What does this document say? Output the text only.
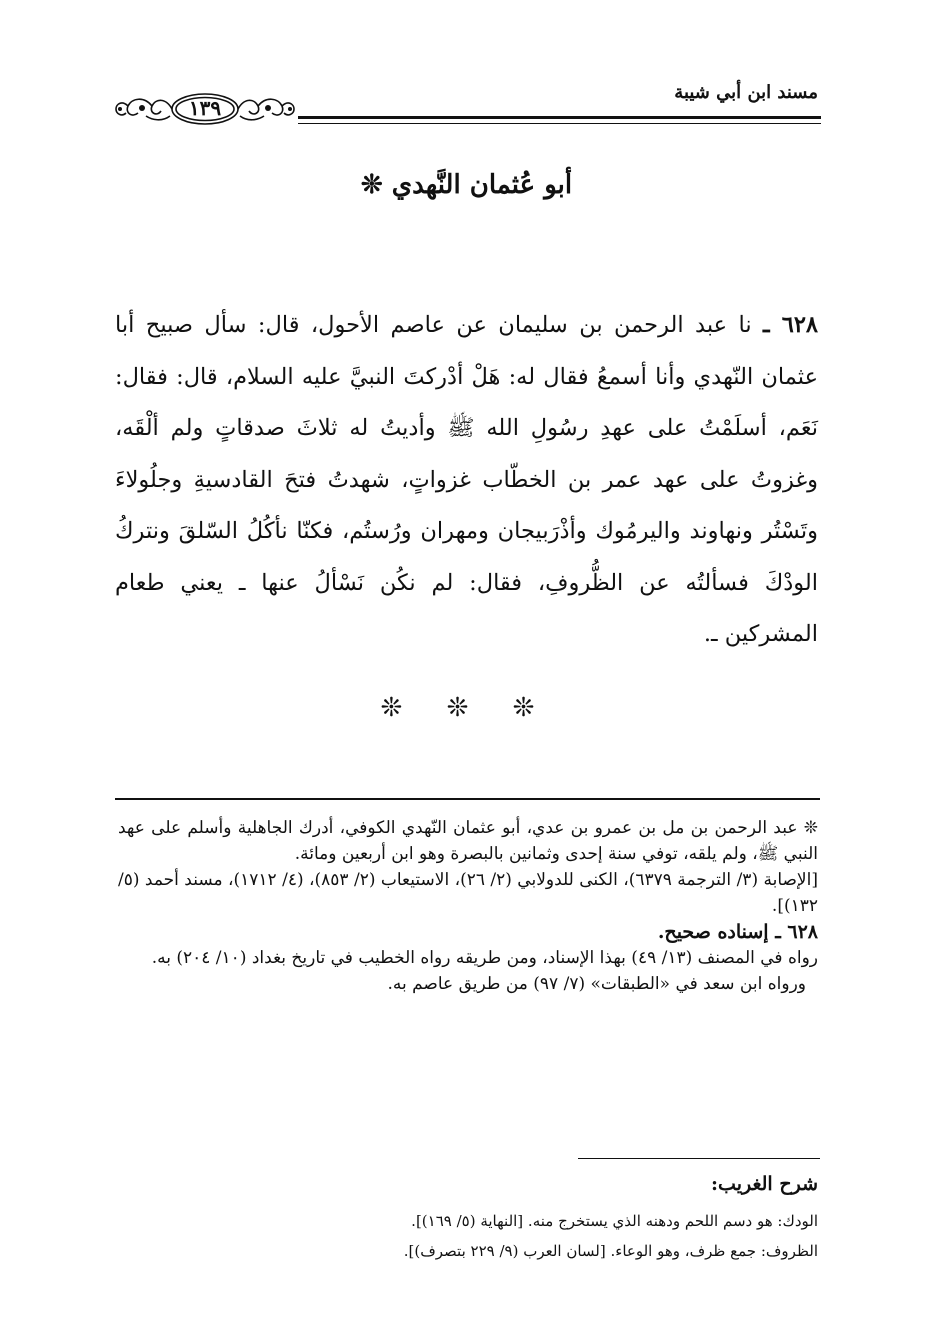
مسند ابن أبي شيبة
١٣٩
أبو عُثمان النَّهدي ❊

٦٢٨ ـ نا عبد الرحمن بن سليمان عن عاصم الأحول، قال: سأل صبيح أبا عثمان النّهدي وأنا أسمعُ فقال له: هَلْ أدْركتَ النبيَّ عليه السلام، قال: فقال: نَعَم، أسلَمْتُ على عهدِ رسُولِ الله ﷺ وأديتُ له ثلاثَ صدقاتٍ ولم ألْقَه، وغزوتُ على عهد عمر بن الخطّاب غزواتٍ، شهدتُ فتحَ القادسيةِ وجلُولاءَ وتَسْتُر ونهاوند واليرمُوك وأذْرَبيجان ومهران ورُستُم، فكنّا نأكُلُ السّلقَ ونتركُ الودْكَ فسألتُه عن الظُّروفِ، فقال: لم نكُن نَسْألُ عنها ـ يعني طعام المشركين ـ.

❊ ❊ ❊

❊ عبد الرحمن بن مل بن عمرو بن عدي، أبو عثمان النّهدي الكوفي، أدرك الجاهلية وأسلم على عهد النبي ﷺ، ولم يلقه، توفي سنة إحدى وثمانين بالبصرة وهو ابن أربعين ومائة.

[الإصابة (٣/ الترجمة ٦٣٧٩)، الكنى للدولابي (٢/ ٢٦)، الاستيعاب (٢/ ٨٥٣)، (٤/ ١٧١٢)، مسند أحمد (٥/ ١٣٢)].

٦٢٨ ـ إسناده صحيح.

رواه في المصنف (١٣/ ٤٩) بهذا الإسناد، ومن طريقه رواه الخطيب في تاريخ بغداد (١٠/ ٢٠٤) به.

ورواه ابن سعد في «الطبقات» (٧/ ٩٧) من طريق عاصم به.

شرح الغريب:

الودك: هو دسم اللحم ودهنه الذي يستخرج منه. [النهاية (٥/ ١٦٩)].

الظروف: جمع ظرف، وهو الوعاء. [لسان العرب (٩/ ٢٢٩ بتصرف)].
